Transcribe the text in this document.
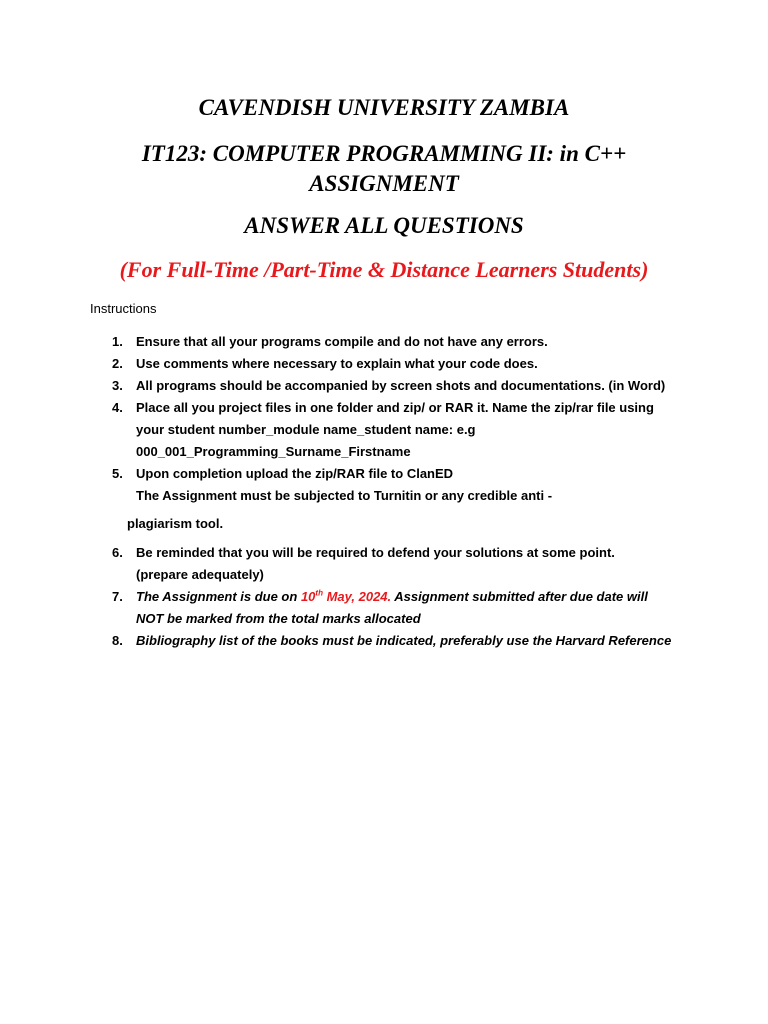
CAVENDISH UNIVERSITY ZAMBIA
IT123: COMPUTER PROGRAMMING II: in C++
ASSIGNMENT
ANSWER ALL QUESTIONS
(For Full-Time /Part-Time & Distance Learners Students)
Instructions
1.	Ensure that all your programs compile and do not have any errors.
2.	Use comments where necessary to explain what your code does.
3.	All programs should be accompanied by screen shots and documentations. (in Word)
4.	Place all you project files in one folder and zip/ or RAR it. Name the zip/rar file using
your student number_module name_student name: e.g
000_001_Programming_Surname_Firstname
5.	Upon completion upload the zip/RAR file to ClanED
The Assignment must be subjected to Turnitin or any credible anti -
plagiarism tool.
6.	Be reminded that you will be required to defend your solutions at some point.
(prepare adequately)
7.	The Assignment is due on 10th May, 2024. Assignment submitted after due date will
NOT be marked from the total marks allocated
8.	Bibliography list of the books must be indicated, preferably use the Harvard Reference
